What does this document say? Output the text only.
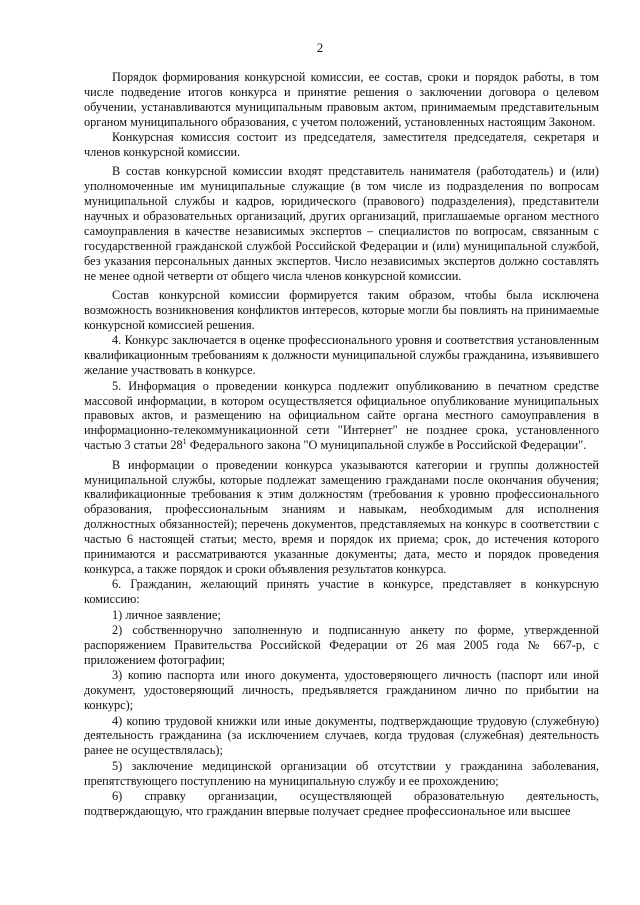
2

Порядок формирования конкурсной комиссии, ее состав, сроки и порядок работы, в том числе подведение итогов конкурса и принятие решения о заключении договора о целевом обучении, устанавливаются муниципальным правовым актом, принимаемым представительным органом муниципального образования, с учетом положений, установленных настоящим Законом.

Конкурсная комиссия состоит из председателя, заместителя председателя, секретаря и членов конкурсной комиссии.

В состав конкурсной комиссии входят представитель нанимателя (работодатель) и (или) уполномоченные им муниципальные служащие (в том числе из подразделения по вопросам муниципальной службы и кадров, юридического (правового) подразделения), представители научных и образовательных организаций, других организаций, приглашаемые органом местного самоуправления в качестве независимых экспертов – специалистов по вопросам, связанным с государственной гражданской службой Российской Федерации и (или) муниципальной службой, без указания персональных данных экспертов. Число независимых экспертов должно составлять не менее одной четверти от общего числа членов конкурсной комиссии.

Состав конкурсной комиссии формируется таким образом, чтобы была исключена возможность возникновения конфликтов интересов, которые могли бы повлиять на принимаемые конкурсной комиссией решения.

4. Конкурс заключается в оценке профессионального уровня и соответствия установленным квалификационным требованиям к должности муниципальной службы гражданина, изъявившего желание участвовать в конкурсе.

5. Информация о проведении конкурса подлежит опубликованию в печатном средстве массовой информации, в котором осуществляется официальное опубликование муниципальных правовых актов, и размещению на официальном сайте органа местного самоуправления в информационно-телекоммуникационной сети "Интернет" не позднее срока, установленного частью 3 статьи $28^1$ Федерального закона "О муниципальной службе в Российской Федерации".

В информации о проведении конкурса указываются категории и группы должностей муниципальной службы, которые подлежат замещению гражданами после окончания обучения; квалификационные требования к этим должностям (требования к уровню профессионального образования, профессиональным знаниям и навыкам, необходимым для исполнения должностных обязанностей); перечень документов, представляемых на конкурс в соответствии с частью 6 настоящей статьи; место, время и порядок их приема; срок, до истечения которого принимаются и рассматриваются указанные документы; дата, место и порядок проведения конкурса, а также порядок и сроки объявления результатов конкурса.

6. Гражданин, желающий принять участие в конкурсе, представляет в конкурсную комиссию:

1) личное заявление;

2) собственноручно заполненную и подписанную анкету по форме, утвержденной распоряжением Правительства Российской Федерации от 26 мая 2005 года № 667-р, с приложением фотографии;

3) копию паспорта или иного документа, удостоверяющего личность (паспорт или иной документ, удостоверяющий личность, предъявляется гражданином лично по прибытии на конкурс);

4) копию трудовой книжки или иные документы, подтверждающие трудовую (служебную) деятельность гражданина (за исключением случаев, когда трудовая (служебная) деятельность ранее не осуществлялась);

5) заключение медицинской организации об отсутствии у гражданина заболевания, препятствующего поступлению на муниципальную службу и ее прохождению;

6) справку организации, осуществляющей образовательную деятельность, подтверждающую, что гражданин впервые получает среднее профессиональное или высшее
